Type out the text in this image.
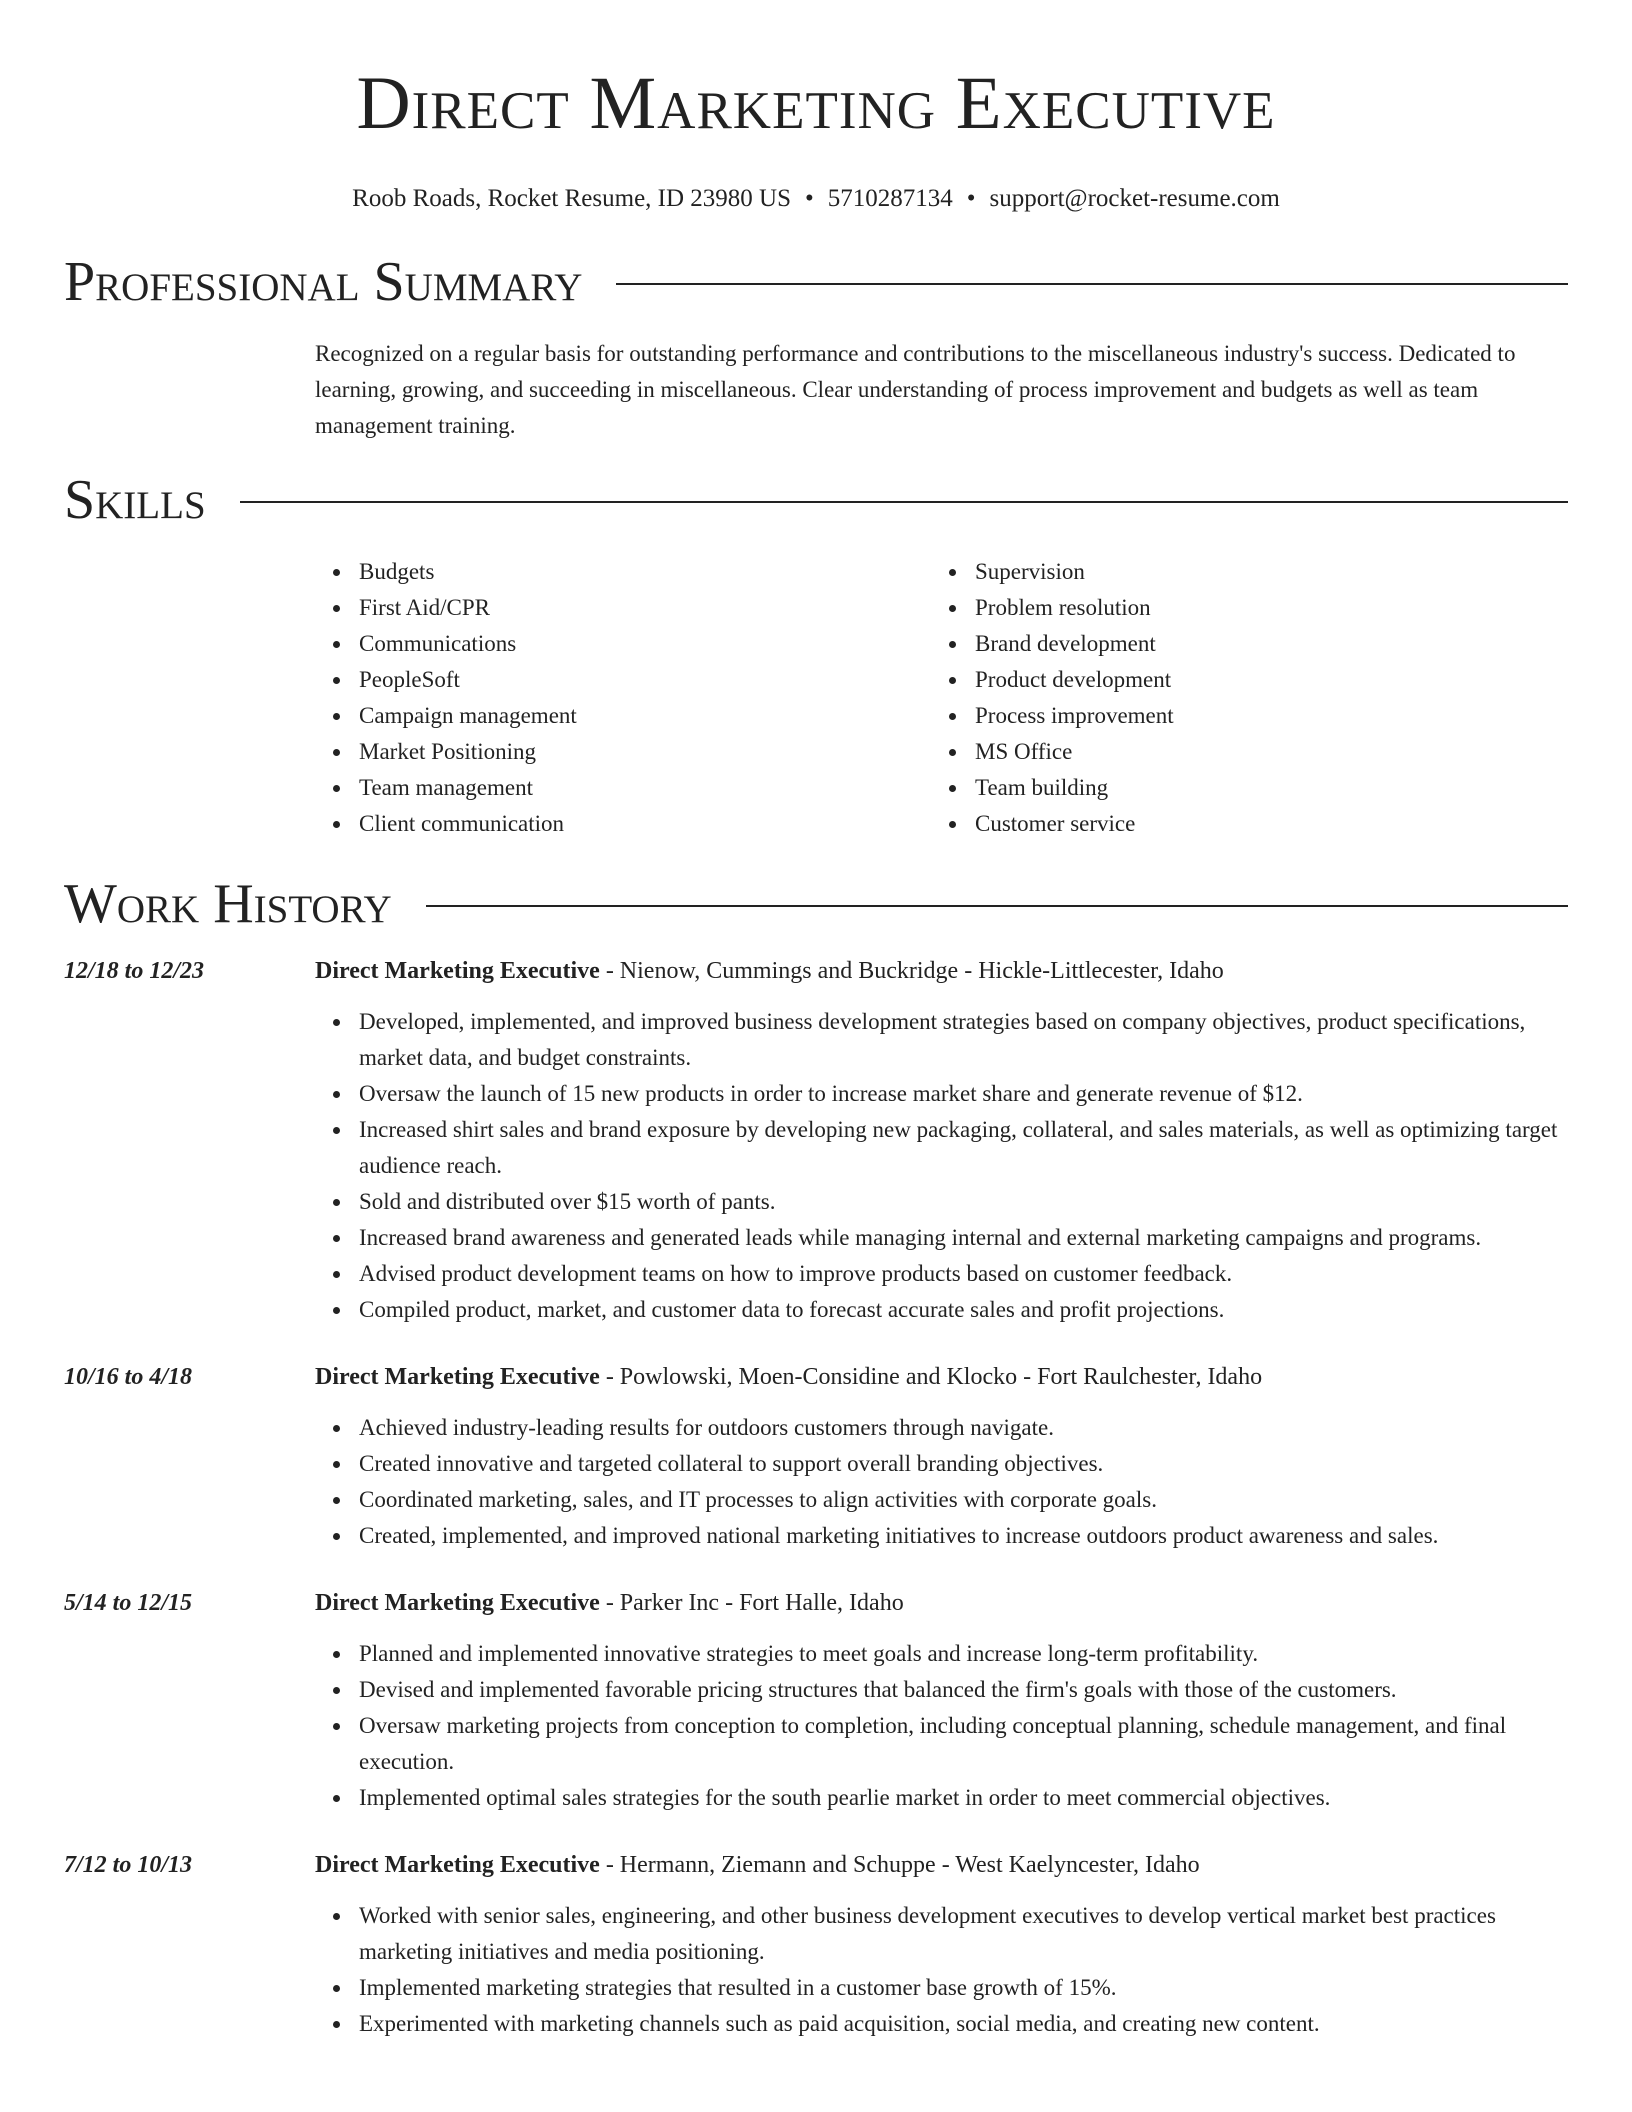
Direct Marketing Executive
Roob Roads, Rocket Resume, ID 23980 US • 5710287134 • support@rocket-resume.com
Professional Summary
Recognized on a regular basis for outstanding performance and contributions to the miscellaneous industry's success. Dedicated to learning, growing, and succeeding in miscellaneous. Clear understanding of process improvement and budgets as well as team management training.
Skills
Budgets
First Aid/CPR
Communications
PeopleSoft
Campaign management
Market Positioning
Team management
Client communication
Supervision
Problem resolution
Brand development
Product development
Process improvement
MS Office
Team building
Customer service
Work History
12/18 to 12/23	Direct Marketing Executive - Nienow, Cummings and Buckridge - Hickle-Littlecester, Idaho
Developed, implemented, and improved business development strategies based on company objectives, product specifications, market data, and budget constraints.
Oversaw the launch of 15 new products in order to increase market share and generate revenue of $12.
Increased shirt sales and brand exposure by developing new packaging, collateral, and sales materials, as well as optimizing target audience reach.
Sold and distributed over $15 worth of pants.
Increased brand awareness and generated leads while managing internal and external marketing campaigns and programs.
Advised product development teams on how to improve products based on customer feedback.
Compiled product, market, and customer data to forecast accurate sales and profit projections.
10/16 to 4/18	Direct Marketing Executive - Powlowski, Moen-Considine and Klocko - Fort Raulchester, Idaho
Achieved industry-leading results for outdoors customers through navigate.
Created innovative and targeted collateral to support overall branding objectives.
Coordinated marketing, sales, and IT processes to align activities with corporate goals.
Created, implemented, and improved national marketing initiatives to increase outdoors product awareness and sales.
5/14 to 12/15	Direct Marketing Executive - Parker Inc - Fort Halle, Idaho
Planned and implemented innovative strategies to meet goals and increase long-term profitability.
Devised and implemented favorable pricing structures that balanced the firm's goals with those of the customers.
Oversaw marketing projects from conception to completion, including conceptual planning, schedule management, and final execution.
Implemented optimal sales strategies for the south pearlie market in order to meet commercial objectives.
7/12 to 10/13	Direct Marketing Executive - Hermann, Ziemann and Schuppe - West Kaelyncester, Idaho
Worked with senior sales, engineering, and other business development executives to develop vertical market best practices marketing initiatives and media positioning.
Implemented marketing strategies that resulted in a customer base growth of 15%.
Experimented with marketing channels such as paid acquisition, social media, and creating new content.
